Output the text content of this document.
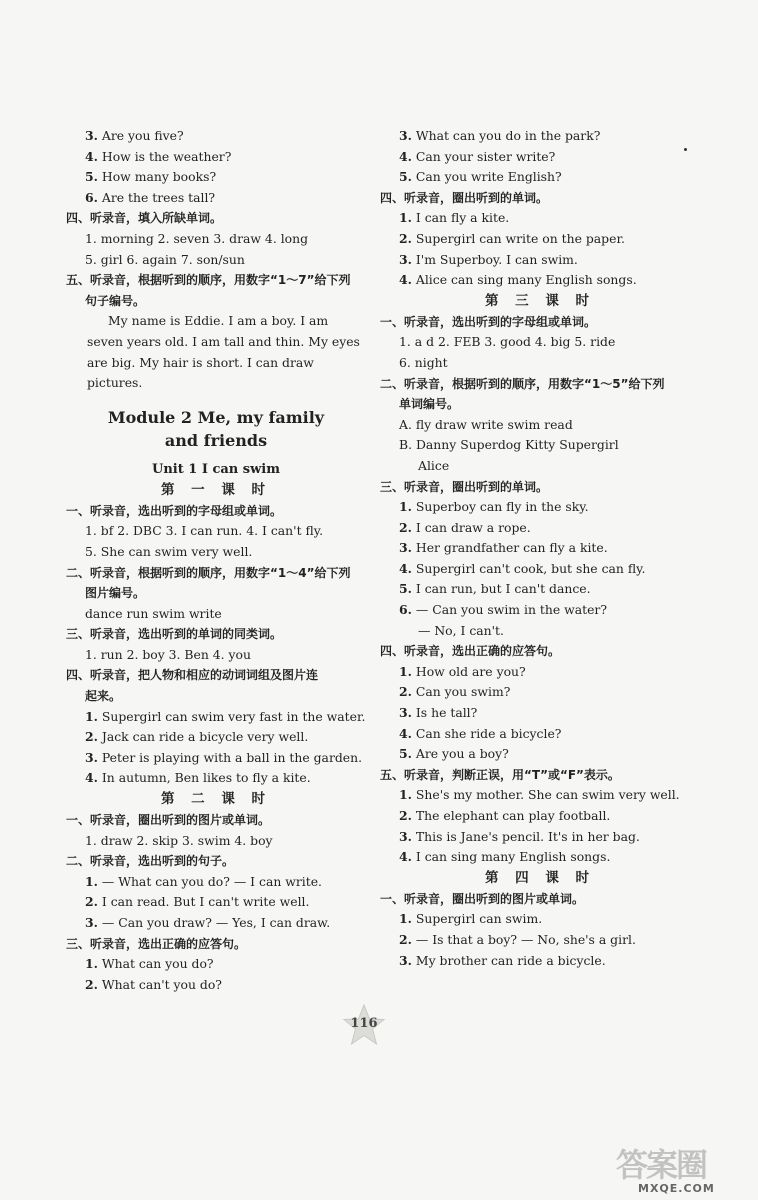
3. Are you five?
4. How is the weather?
5. How many books?
6. Are the trees tall?
四、听录音，填入所缺单词。
1. morning 2. seven 3. draw 4. long
5. girl 6. again 7. son/sun
五、听录音，根据听到的顺序，用数字“1～7”给下列
句子编号。

My name is Eddie. I am a boy. I am seven years old. I am tall and thin. My eyes are big. My hair is short. I can draw pictures.

Module 2 Me, my family
and friends
Unit 1 I can swim
第 一 课 时
一、听录音，选出听到的字母组或单词。
1. bf 2. DBC 3. I can run. 4. I can't fly.
5. She can swim very well.
二、听录音，根据听到的顺序，用数字“1～4”给下列
图片编号。
dance run swim write
三、听录音，选出听到的单词的同类词。
1. run 2. boy 3. Ben 4. you
四、听录音，把人物和相应的动词词组及图片连
起来。
1. Supergirl can swim very fast in the water.
2. Jack can ride a bicycle very well.
3. Peter is playing with a ball in the garden.
4. In autumn, Ben likes to fly a kite.
第 二 课 时
一、听录音，圈出听到的图片或单词。
1. draw 2. skip 3. swim 4. boy
二、听录音，选出听到的句子。
1. — What can you do? — I can write.
2. I can read. But I can't write well.
3. — Can you draw? — Yes, I can draw.
三、听录音，选出正确的应答句。
1. What can you do?
2. What can't you do?
3. What can you do in the park?
4. Can your sister write?
5. Can you write English?
四、听录音，圈出听到的单词。
1. I can fly a kite.
2. Supergirl can write on the paper.
3. I'm Superboy. I can swim.
4. Alice can sing many English songs.
第 三 课 时
一、听录音，选出听到的字母组或单词。
1. a d 2. FEB 3. good 4. big 5. ride
6. night
二、听录音，根据听到的顺序，用数字“1～5”给下列
单词编号。
A. fly draw write swim read
B. Danny Superdog Kitty Supergirl
Alice
三、听录音，圈出听到的单词。
1. Superboy can fly in the sky.
2. I can draw a rope.
3. Her grandfather can fly a kite.
4. Supergirl can't cook, but she can fly.
5. I can run, but I can't dance.
6. — Can you swim in the water?
— No, I can't.
四、听录音，选出正确的应答句。
1. How old are you?
2. Can you swim?
3. Is he tall?
4. Can she ride a bicycle?
5. Are you a boy?
五、听录音，判断正误，用“T”或“F”表示。
1. She's my mother. She can swim very well.
2. The elephant can play football.
3. This is Jane's pencil. It's in her bag.
4. I can sing many English songs.
第 四 课 时
一、听录音，圈出听到的图片或单词。
1. Supergirl can swim.
2. — Is that a boy? — No, she's a girl.
3. My brother can ride a bicycle.
116
答案圈
MXQE.COM
